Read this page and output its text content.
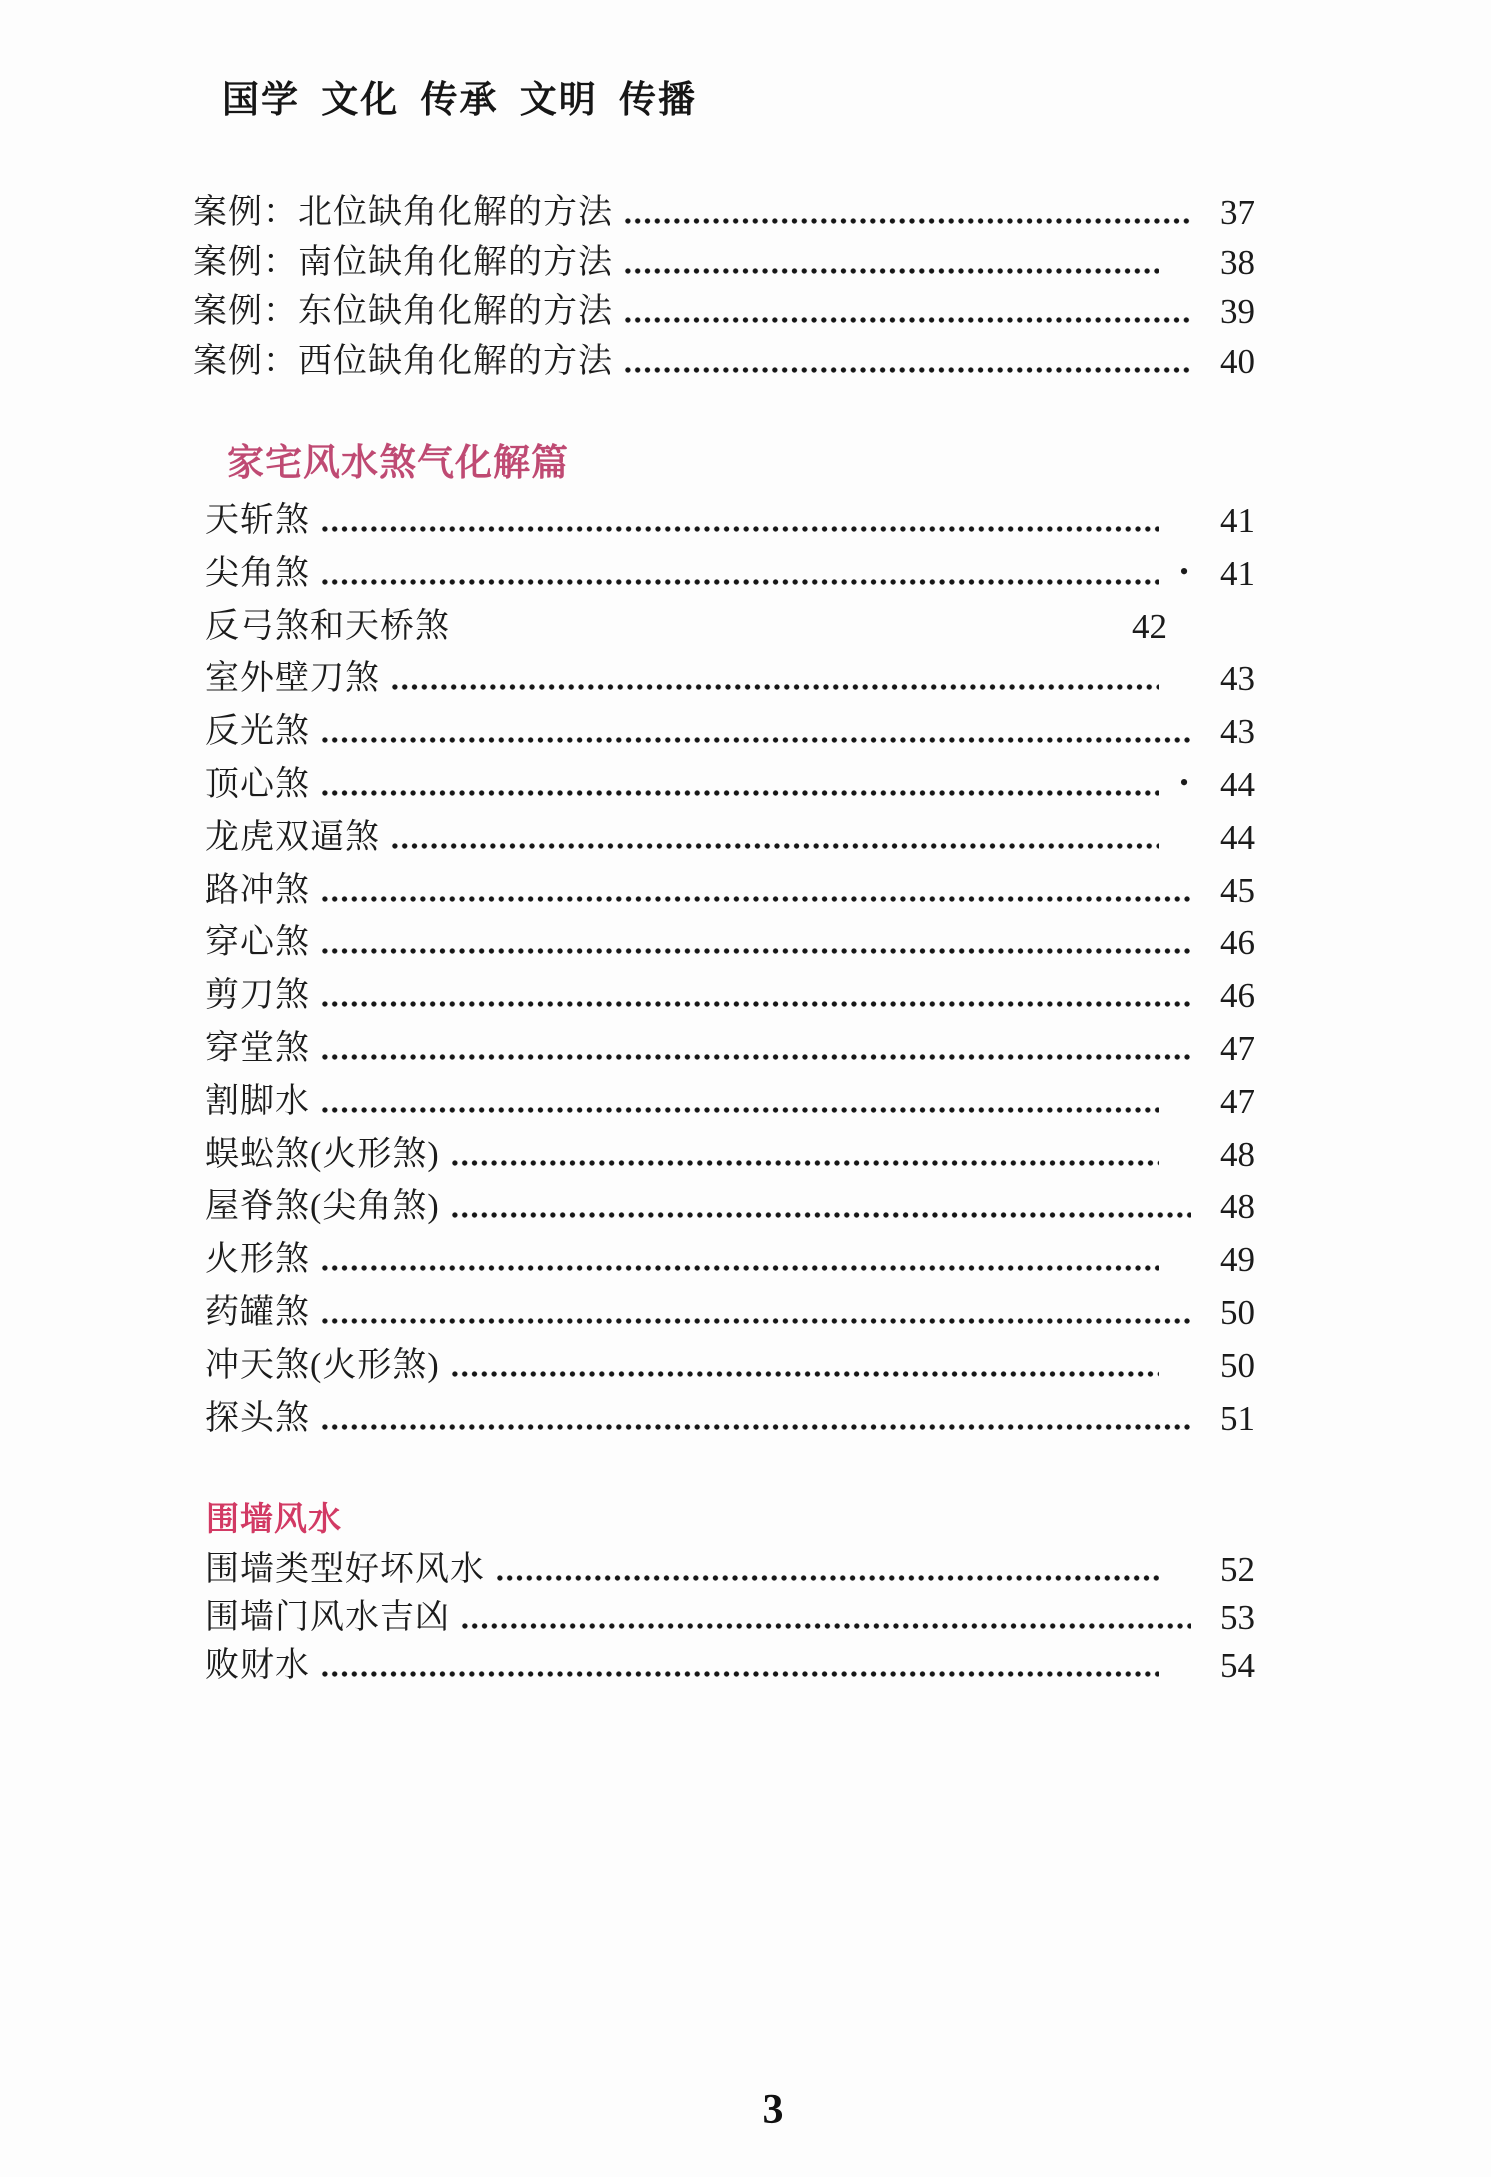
国学 文化 传承 文明 传播
案例：北位缺角化解的方法	37
案例：南位缺角化解的方法	38
案例：东位缺角化解的方法	39
案例：西位缺角化解的方法	40
家宅风水煞气化解篇
天斩煞	41
尖角煞	• 41
反弓煞和天桥煞	42
室外壁刀煞	43
反光煞	43
顶心煞	• 44
龙虎双逼煞	44
路冲煞	45
穿心煞	46
剪刀煞	46
穿堂煞	47
割脚水	47
蜈蚣煞(火形煞)	48
屋脊煞(尖角煞)	48
火形煞	49
药罐煞	50
冲天煞(火形煞)	50
探头煞	51
围墙风水
围墙类型好坏风水	52
围墙门风水吉凶	53
败财水	54
3
